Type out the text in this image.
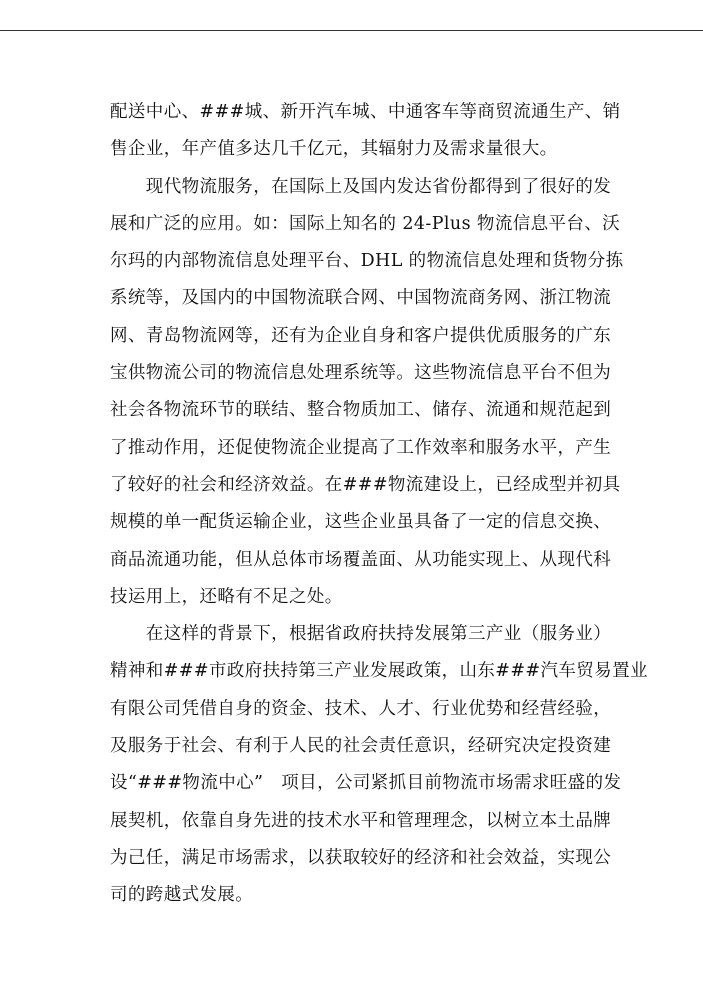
配送中心、###城、新开汽车城、中通客车等商贸流通生产、销
售企业，年产值多达几千亿元，其辐射力及需求量很大。
　　现代物流服务，在国际上及国内发达省份都得到了很好的发
展和广泛的应用。如：国际上知名的 24-Plus 物流信息平台、沃
尔玛的内部物流信息处理平台、DHL 的物流信息处理和货物分拣
系统等，及国内的中国物流联合网、中国物流商务网、浙江物流
网、青岛物流网等，还有为企业自身和客户提供优质服务的广东
宝供物流公司的物流信息处理系统等。这些物流信息平台不但为
社会各物流环节的联结、整合物质加工、储存、流通和规范起到
了推动作用，还促使物流企业提高了工作效率和服务水平，产生
了较好的社会和经济效益。在###物流建设上，已经成型并初具
规模的单一配货运输企业，这些企业虽具备了一定的信息交换、
商品流通功能，但从总体市场覆盖面、从功能实现上、从现代科
技运用上，还略有不足之处。
　　在这样的背景下，根据省政府扶持发展第三产业（服务业）
精神和###市政府扶持第三产业发展政策，山东###汽车贸易置业
有限公司凭借自身的资金、技术、人才、行业优势和经营经验，
及服务于社会、有利于人民的社会责任意识，经研究决定投资建
设“###物流中心”　项目，公司紧抓目前物流市场需求旺盛的发
展契机，依靠自身先进的技术水平和管理理念，以树立本土品牌
为己任，满足市场需求，以获取较好的经济和社会效益，实现公
司的跨越式发展。
